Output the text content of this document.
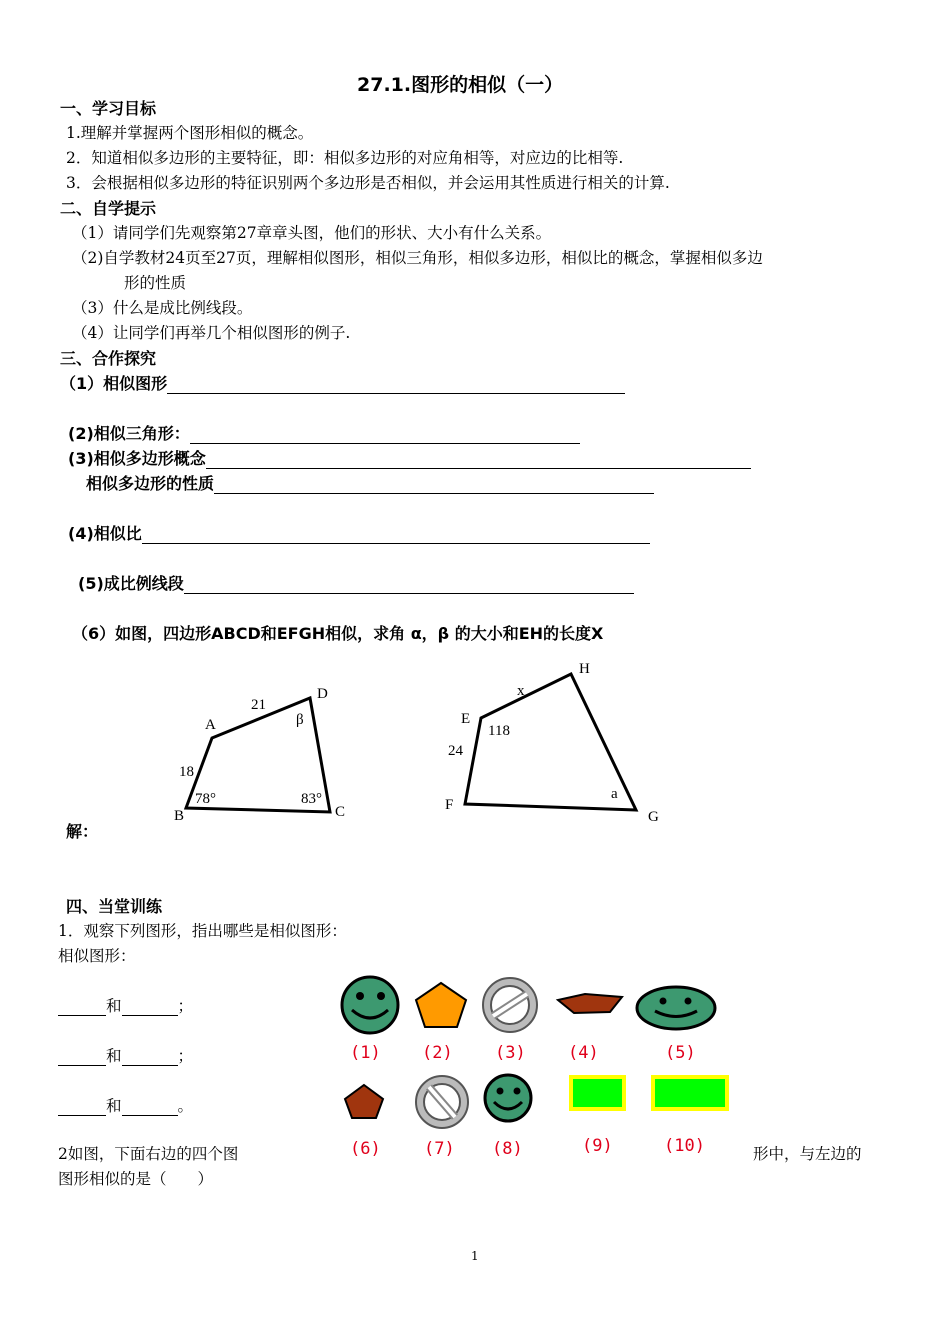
27.1.图形的相似（一）
一、学习目标
1.理解并掌握两个图形相似的概念。
2．知道相似多边形的主要特征，即：相似多边形的对应角相等，对应边的比相等.
3．会根据相似多边形的特征识别两个多边形是否相似，并会运用其性质进行相关的计算.
二、自学提示
（1）请同学们先观察第27章章头图，他们的形状、大小有什么关系。
（2)自学教材24页至27页，理解相似图形，相似三角形，相似多边形，相似比的概念，掌握相似多边
形的性质
（3）什么是成比例线段。
（4）让同学们再举几个相似图形的例子.
三、合作探究
（1）相似图形
(2)相似三角形：
(3)相似多边形概念
相似多边形的性质
(4)相似比
(5)成比例线段
（6）如图，四边形ABCD和EFGH相似，求角 α，β 的大小和EH的长度X
A
B	C
D
21
18
β
78°	83°
E
F
G
H
x
118
24
a
解：
四、当堂训练
1．观察下列图形，指出哪些是相似图形：
相似图形：
和	；
和	；
和	。
(1) (2) (3) (4)	(5)
(6)	(7) (8)	(9)	(10)
2如图，下面右边的四个图	形中，与左边的
图形相似的是（　　）
1
